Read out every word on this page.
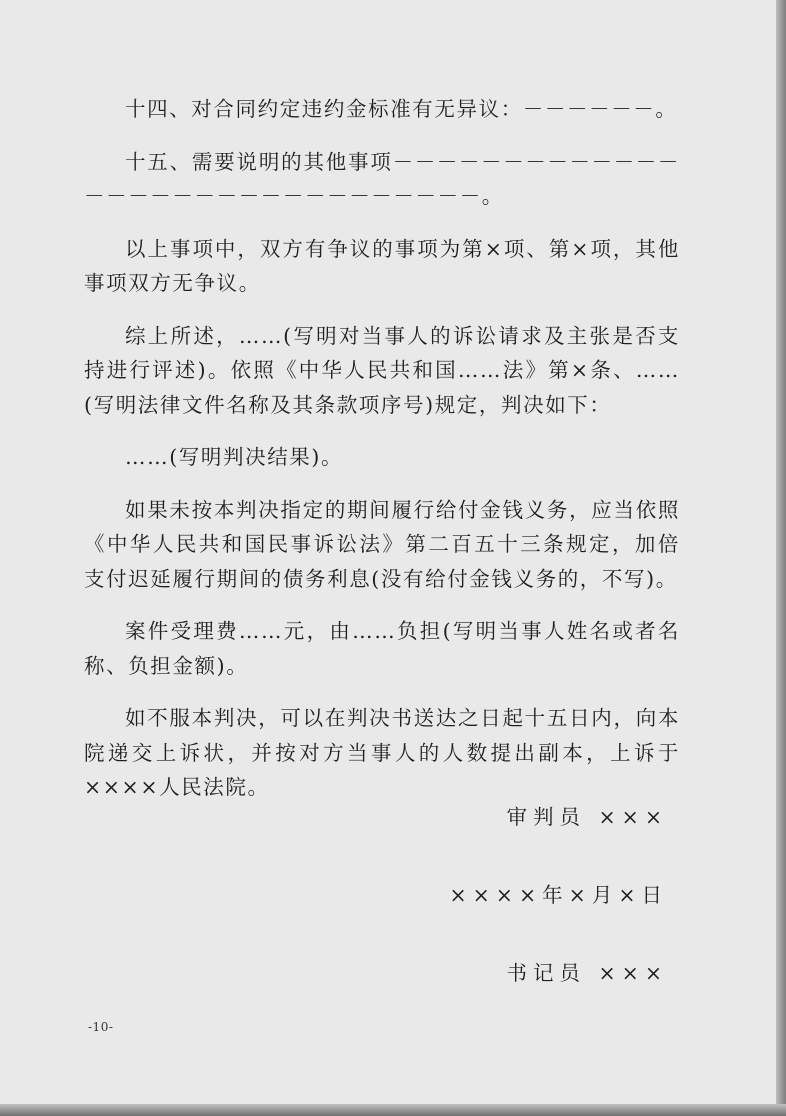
十四、对合同约定违约金标准有无异议：－－－－－－。

十五、需要说明的其他事项－－－－－－－－－－－－－－－－－－－－－－－－－－－－－－－。

以上事项中，双方有争议的事项为第×项、第×项，其他事项双方无争议。

综上所述，……(写明对当事人的诉讼请求及主张是否支持进行评述)。依照《中华人民共和国……法》第×条、……(写明法律文件名称及其条款项序号)规定，判决如下：

……(写明判决结果)。

如果未按本判决指定的期间履行给付金钱义务，应当依照《中华人民共和国民事诉讼法》第二百五十三条规定，加倍支付迟延履行期间的债务利息(没有给付金钱义务的，不写)。

案件受理费……元，由……负担(写明当事人姓名或者名称、负担金额)。

如不服本判决，可以在判决书送达之日起十五日内，向本院递交上诉状，并按对方当事人的人数提出副本，上诉于××××人民法院。

审判员 ×××
××××年×月×日
书记员 ×××
-10-
